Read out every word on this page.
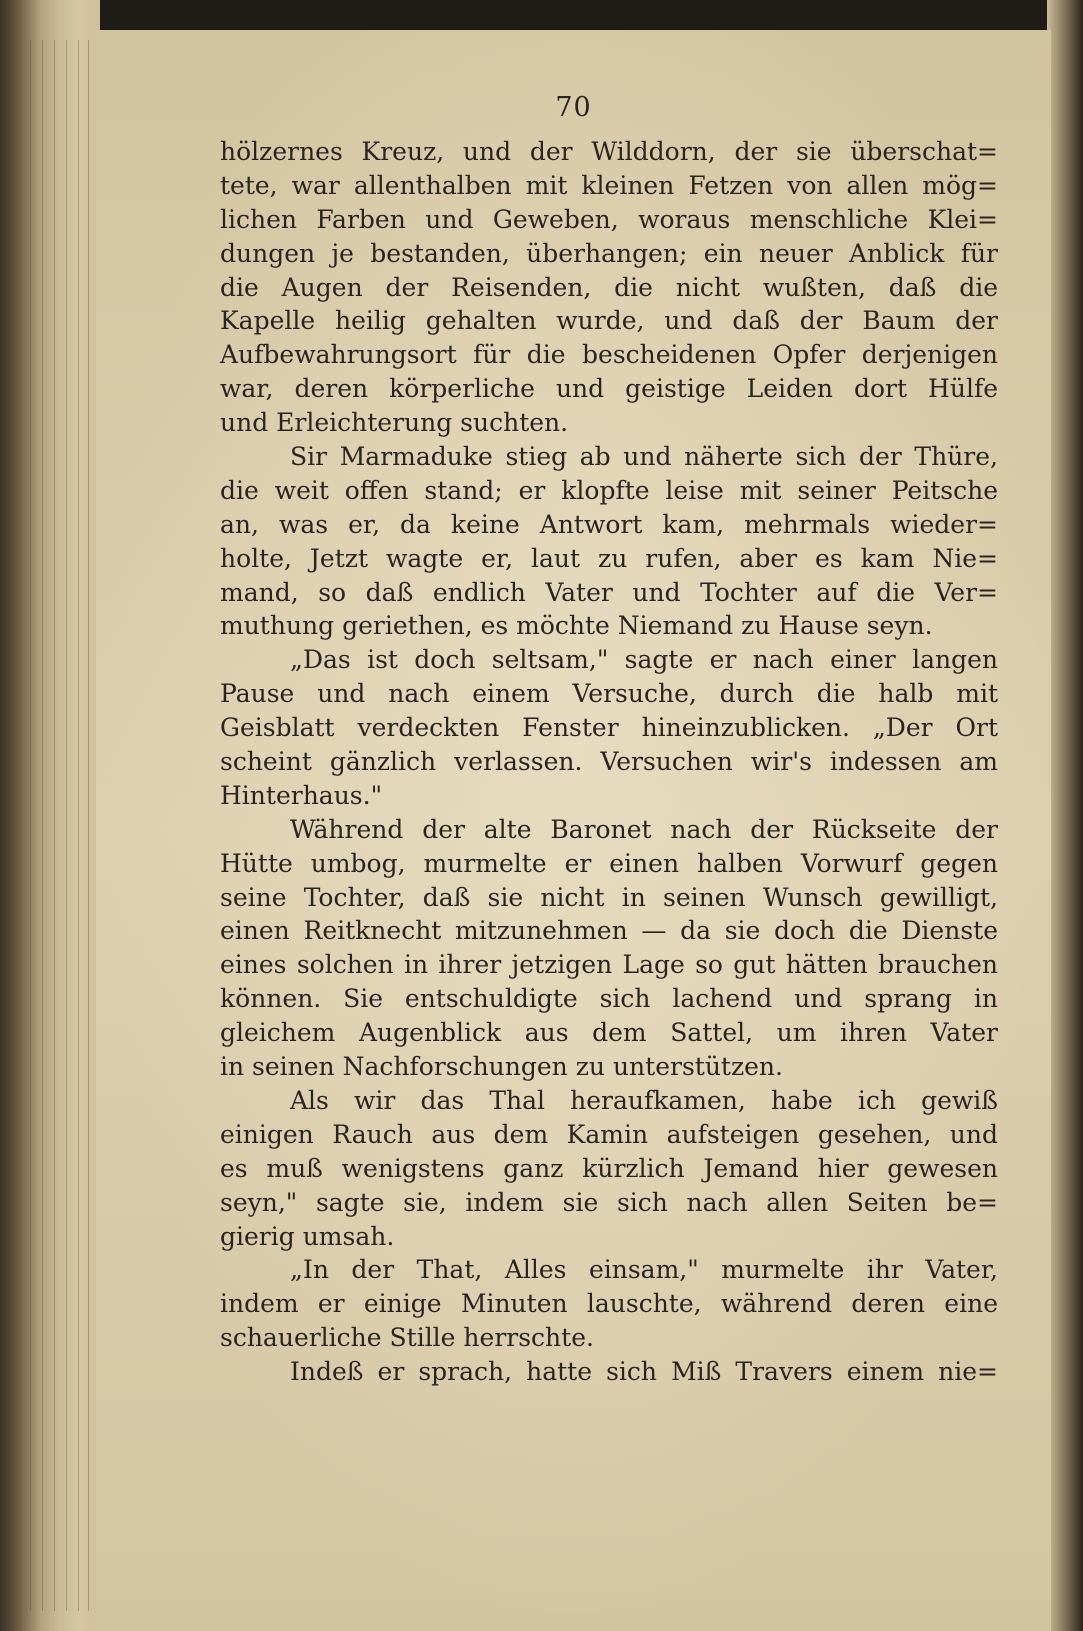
70
hölzernes Kreuz, und der Wilddorn, der sie überschat=
tete, war allenthalben mit kleinen Fetzen von allen mög=
lichen Farben und Geweben, woraus menschliche Klei=
dungen je bestanden, überhangen; ein neuer Anblick für
die Augen der Reisenden, die nicht wußten, daß die
Kapelle heilig gehalten wurde, und daß der Baum der
Aufbewahrungsort für die bescheidenen Opfer derjenigen
war, deren körperliche und geistige Leiden dort Hülfe
und Erleichterung suchten.
Sir Marmaduke stieg ab und näherte sich der Thüre,
die weit offen stand; er klopfte leise mit seiner Peitsche
an, was er, da keine Antwort kam, mehrmals wieder=
holte, Jetzt wagte er, laut zu rufen, aber es kam Nie=
mand, so daß endlich Vater und Tochter auf die Ver=
muthung geriethen, es möchte Niemand zu Hause seyn.
„Das ist doch seltsam," sagte er nach einer langen
Pause und nach einem Versuche, durch die halb mit
Geisblatt verdeckten Fenster hineinzublicken. „Der Ort
scheint gänzlich verlassen. Versuchen wir's indessen am
Hinterhaus."
Während der alte Baronet nach der Rückseite der
Hütte umbog, murmelte er einen halben Vorwurf gegen
seine Tochter, daß sie nicht in seinen Wunsch gewilligt,
einen Reitknecht mitzunehmen — da sie doch die Dienste
eines solchen in ihrer jetzigen Lage so gut hätten brauchen
können. Sie entschuldigte sich lachend und sprang in
gleichem Augenblick aus dem Sattel, um ihren Vater
in seinen Nachforschungen zu unterstützen.
Als wir das Thal heraufkamen, habe ich gewiß
einigen Rauch aus dem Kamin aufsteigen gesehen, und
es muß wenigstens ganz kürzlich Jemand hier gewesen
seyn," sagte sie, indem sie sich nach allen Seiten be=
gierig umsah.
„In der That, Alles einsam," murmelte ihr Vater,
indem er einige Minuten lauschte, während deren eine
schauerliche Stille herrschte.
Indeß er sprach, hatte sich Miß Travers einem nie=
